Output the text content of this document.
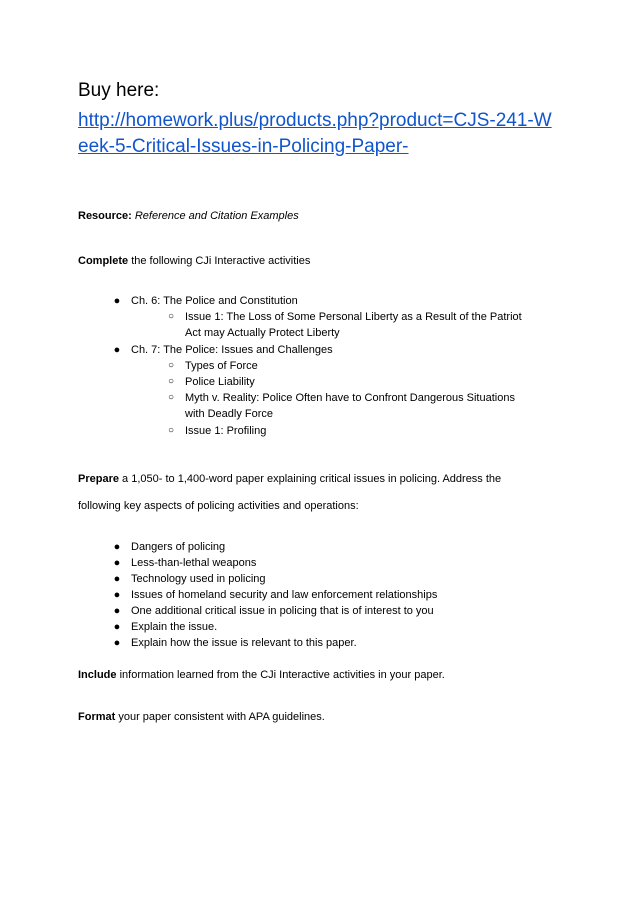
Buy here:
http://homework.plus/products.php?product=CJS-241-W
eek-5-Critical-Issues-in-Policing-Paper-
Resource: Reference and Citation Examples
Complete the following CJi Interactive activities
● Ch. 6: The Police and Constitution
○ Issue 1: The Loss of Some Personal Liberty as a Result of the Patriot
Act may Actually Protect Liberty
● Ch. 7: The Police: Issues and Challenges
○ Types of Force
○ Police Liability
○ Myth v. Reality: Police Often have to Confront Dangerous Situations
with Deadly Force
○ Issue 1: Profiling
Prepare a 1,050- to 1,400-word paper explaining critical issues in policing. Address the
following key aspects of policing activities and operations:
● Dangers of policing
● Less-than-lethal weapons
● Technology used in policing
● Issues of homeland security and law enforcement relationships
● One additional critical issue in policing that is of interest to you
● Explain the issue.
● Explain how the issue is relevant to this paper.
Include information learned from the CJi Interactive activities in your paper.
Format your paper consistent with APA guidelines.
